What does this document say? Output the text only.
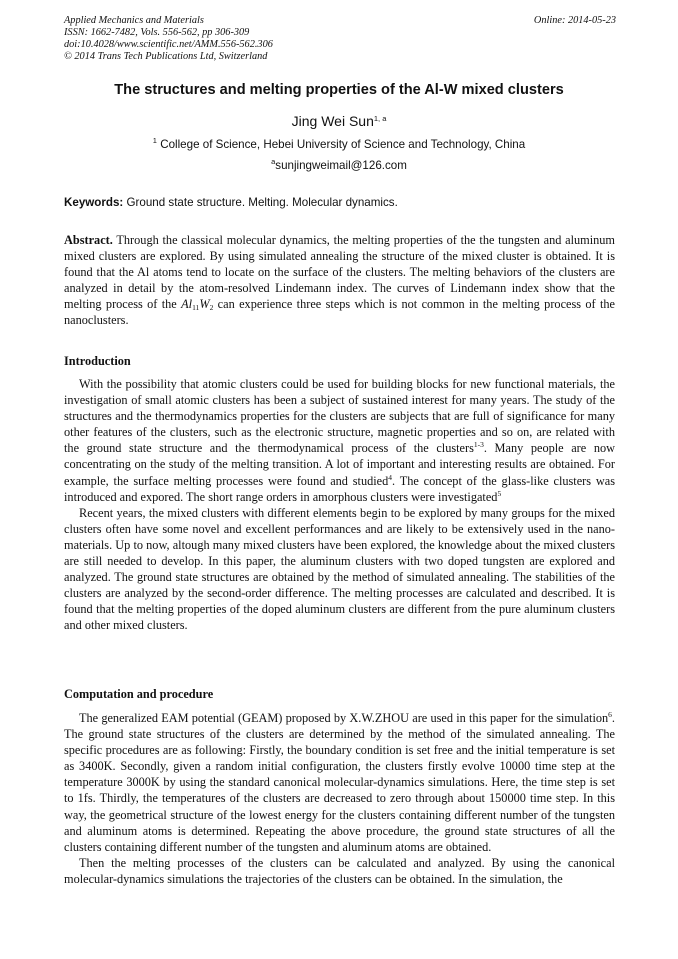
Applied Mechanics and Materials
ISSN: 1662-7482, Vols. 556-562, pp 306-309
doi:10.4028/www.scientific.net/AMM.556-562.306
© 2014 Trans Tech Publications Ltd, Switzerland
Online: 2014-05-23
The structures and melting properties of the Al-W mixed clusters
Jing Wei Sun$^{1, a}$
$^1$ College of Science, Hebei University of Science and Technology, China
$^a$sunjingweimail@126.com
Keywords: Ground state structure. Melting. Molecular dynamics.

Abstract. Through the classical molecular dynamics, the melting properties of the the tungsten and aluminum mixed clusters are explored. By using simulated annealing the structure of the mixed cluster is obtained. It is found that the Al atoms tend to locate on the surface of the clusters. The melting behaviors of the clusters are analyzed in detail by the atom-resolved Lindemann index. The curves of Lindemann index show that the melting process of the $Al_{11}W_2$ can experience three steps which is not common in the melting process of the nanoclusters.

Introduction

With the possibility that atomic clusters could be used for building blocks for new functional materials, the investigation of small atomic clusters has been a subject of sustained interest for many years. The study of the structures and the thermodynamics properties for the clusters are subjects that are full of significance for many other features of the clusters, such as the electronic structure, magnetic properties and so on, are related with the ground state structure and the thermodynamical process of the clusters$^{1-3}$. Many people are now concentrating on the study of the melting transition. A lot of important and interesting results are obtained. For example, the surface melting processes were found and studied$^4$. The concept of the glass-like clusters was introduced and expored. The short range orders in amorphous clusters were investigated$^5$

Recent years, the mixed clusters with different elements begin to be explored by many groups for the mixed clusters often have some novel and excellent performances and are likely to be extensively used in the nano-materials. Up to now, altough many mixed clusters have been explored, the knowledge about the mixed clusters are still needed to develop. In this paper, the aluminum clusters with two doped tungsten are explored and analyzed. The ground state structures are obtained by the method of simulated annealing. The stabilities of the clusters are analyzed by the second-order difference. The melting processes are calculated and described. It is found that the melting properties of the doped aluminum clusters are different from the pure aluminum clusters and other mixed clusters.

Computation and procedure

The generalized EAM potential (GEAM) proposed by X.W.ZHOU are used in this paper for the simulation$^6$. The ground state structures of the clusters are determined by the method of the simulated annealing. The specific procedures are as following: Firstly, the boundary condition is set free and the initial temperature is set as 3400K. Secondly, given a random initial configuration, the clusters firstly evolve 10000 time step at the temperature 3000K by using the standard canonical molecular-dynamics simulations. Here, the time step is set to 1fs. Thirdly, the temperatures of the clusters are decreased to zero through about 150000 time step. In this way, the geometrical structure of the lowest energy for the clusters containing different number of the tungsten and aluminum atoms is determined. Repeating the above procedure, the ground state structures of all the clusters containing different number of the tungsten and aluminum atoms are obtained.

Then the melting processes of the clusters can be calculated and analyzed. By using the canonical molecular-dynamics simulations the trajectories of the clusters can be obtained. In the simulation, the
